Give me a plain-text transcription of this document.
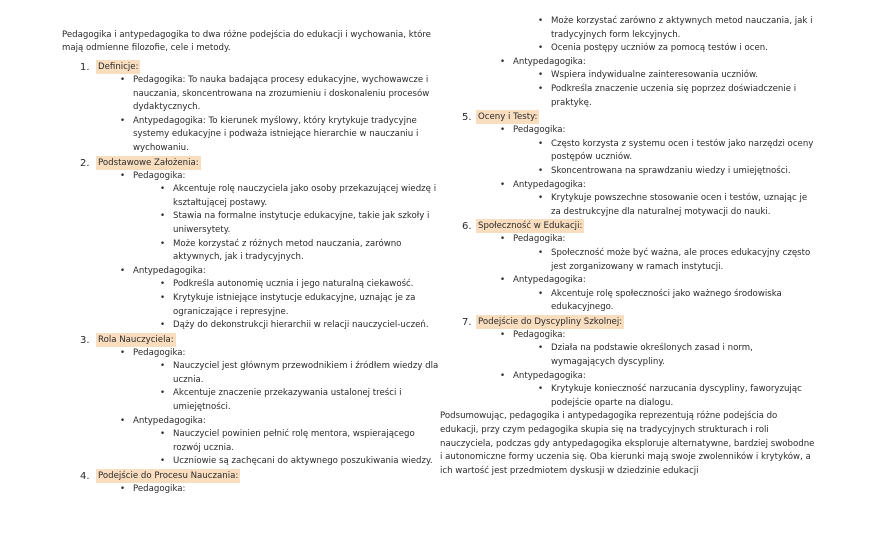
Pedagogika i antypedagogika to dwa różne podejścia do edukacji i wychowania, które mają odmienne filozofie, cele i metody.

1. Definicje:
• Pedagogika: To nauka badająca procesy edukacyjne, wychowawcze i nauczania, skoncentrowana na zrozumieniu i doskonaleniu procesów dydaktycznych.
• Antypedagogika: To kierunek myślowy, który krytykuje tradycyjne systemy edukacyjne i podważa istniejące hierarchie w nauczaniu i wychowaniu.
2. Podstawowe Założenia:
• Pedagogika:
• Akcentuje rolę nauczyciela jako osoby przekazującej wiedzę i kształtującej postawy.
• Stawia na formalne instytucje edukacyjne, takie jak szkoły i uniwersytety.
• Może korzystać z różnych metod nauczania, zarówno aktywnych, jak i tradycyjnych.
• Antypedagogika:
• Podkreśla autonomię ucznia i jego naturalną ciekawość.
• Krytykuje istniejące instytucje edukacyjne, uznając je za ograniczające i represyjne.
• Dąży do dekonstrukcji hierarchii w relacji nauczyciel-uczeń.
3. Rola Nauczyciela:
• Pedagogika:
• Nauczyciel jest głównym przewodnikiem i źródłem wiedzy dla ucznia.
• Akcentuje znaczenie przekazywania ustalonej treści i umiejętności.
• Antypedagogika:
• Nauczyciel powinien pełnić rolę mentora, wspierającego rozwój ucznia.
• Uczniowie są zachęcani do aktywnego poszukiwania wiedzy.
4. Podejście do Procesu Nauczania:
• Pedagogika:
• Może korzystać zarówno z aktywnych metod nauczania, jak i tradycyjnych form lekcyjnych.
• Ocenia postępy uczniów za pomocą testów i ocen.
• Antypedagogika:
• Wspiera indywidualne zainteresowania uczniów.
• Podkreśla znaczenie uczenia się poprzez doświadczenie i praktykę.
5. Oceny i Testy:
• Pedagogika:
• Często korzysta z systemu ocen i testów jako narzędzi oceny postępów uczniów.
• Skoncentrowana na sprawdzaniu wiedzy i umiejętności.
• Antypedagogika:
• Krytykuje powszechne stosowanie ocen i testów, uznając je za destrukcyjne dla naturalnej motywacji do nauki.
6. Społeczność w Edukacji:
• Pedagogika:
• Społeczność może być ważna, ale proces edukacyjny często jest zorganizowany w ramach instytucji.
• Antypedagogika:
• Akcentuje rolę społeczności jako ważnego środowiska edukacyjnego.
7. Podejście do Dyscypliny Szkolnej:
• Pedagogika:
• Działa na podstawie określonych zasad i norm, wymagających dyscypliny.
• Antypedagogika:
• Krytykuje konieczność narzucania dyscypliny, faworyzując podejście oparte na dialogu.

Podsumowując, pedagogika i antypedagogika reprezentują różne podejścia do edukacji, przy czym pedagogika skupia się na tradycyjnych strukturach i roli nauczyciela, podczas gdy antypedagogika eksploruje alternatywne, bardziej swobodne i autonomiczne formy uczenia się. Oba kierunki mają swoje zwolenników i krytyków, a ich wartość jest przedmiotem dyskusji w dziedzinie edukacji
